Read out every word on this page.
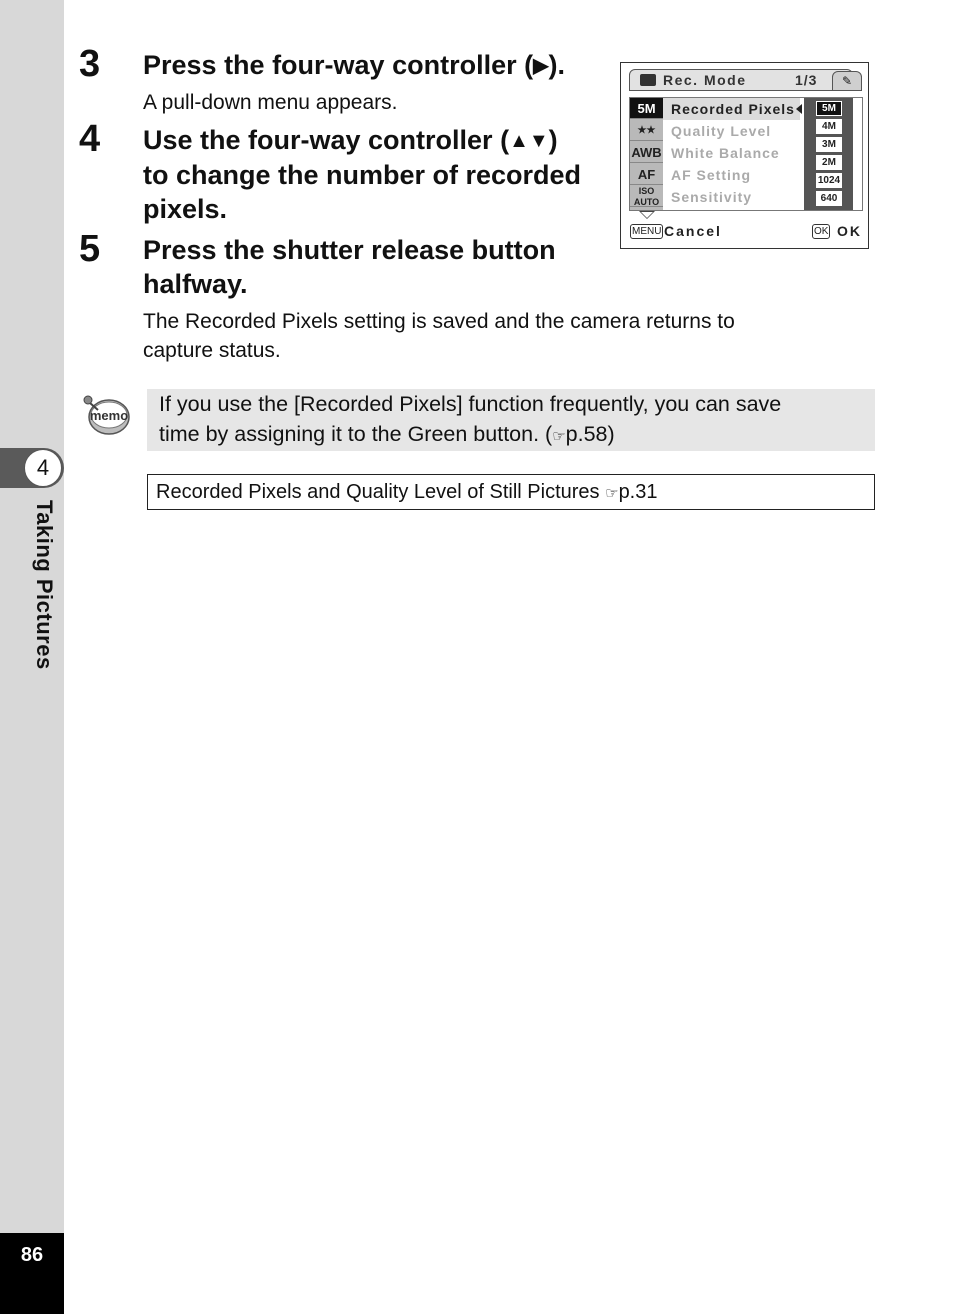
4
Taking Pictures
86
3 Press the four-way controller (▶).
A pull-down menu appears.
4 Use the four-way controller (▲▼)
to change the number of recorded
pixels.
5 Press the shutter release button
halfway.
The Recorded Pixels setting is saved and the camera returns to
capture status.
Rec. Mode	1/3	✎
5M
★★
AWB
AF
ISO AUTO
Recorded Pixels
Quality Level
White Balance
AF Setting
Sensitivity
5M
4M
3M
2M
1024
640
MENU Cancel	OK OK
memo If you use the [Recorded Pixels] function frequently, you can save
time by assigning it to the Green button. (☞p.58)
Recorded Pixels and Quality Level of Still Pictures ☞p.31
